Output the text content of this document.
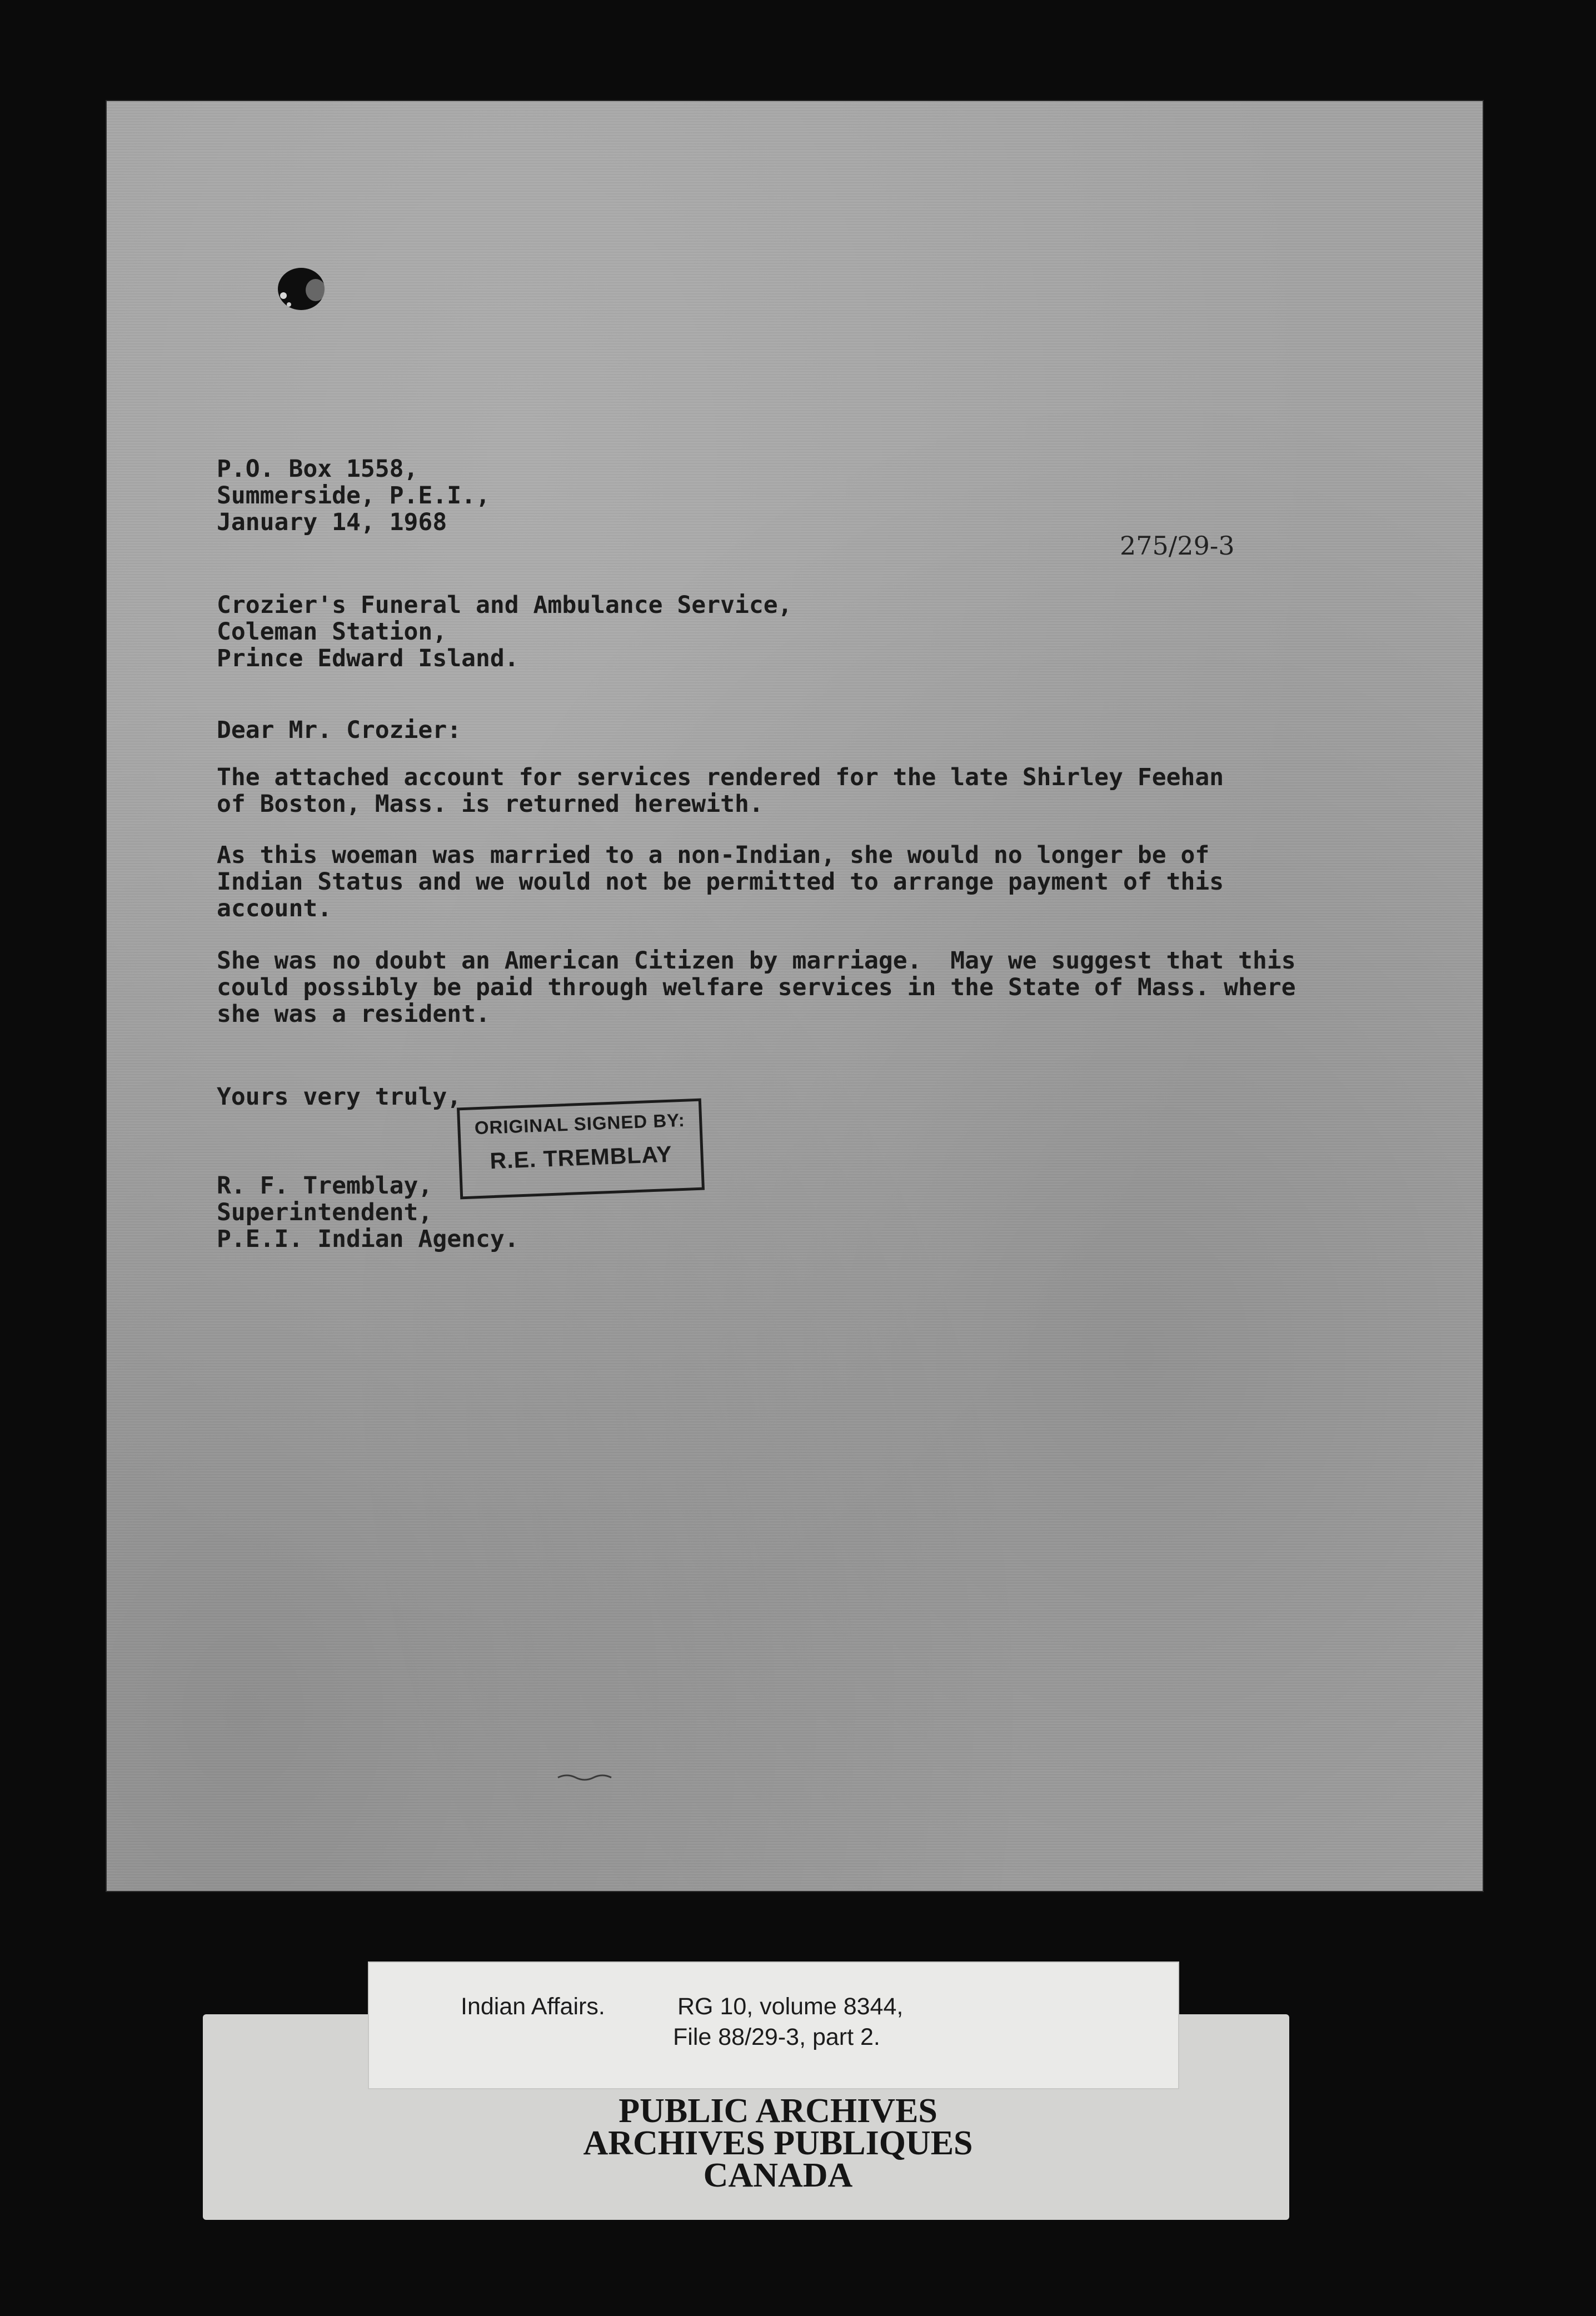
P.O. Box 1558,
Summerside, P.E.I.,
January 14, 1968
275/29-3
Crozier's Funeral and Ambulance Service,
Coleman Station,
Prince Edward Island.
Dear Mr. Crozier:
The attached account for services rendered for the late Shirley Feehan
of Boston, Mass. is returned herewith.
As this woeman was married to a non-Indian, she would no longer be of
Indian Status and we would not be permitted to arrange payment of this
account.
She was no doubt an American Citizen by marriage.  May we suggest that this
could possibly be paid through welfare services in the State of Mass. where
she was a resident.
Yours very truly,
R. F. Tremblay,
Superintendent,
P.E.I. Indian Agency.
ORIGINAL SIGNED BY:
R.E. TREMBLAY
Indian Affairs.	RG 10, volume 8344,
File 88/29-3, part 2.
PUBLIC ARCHIVES
ARCHIVES PUBLIQUES
CANADA
